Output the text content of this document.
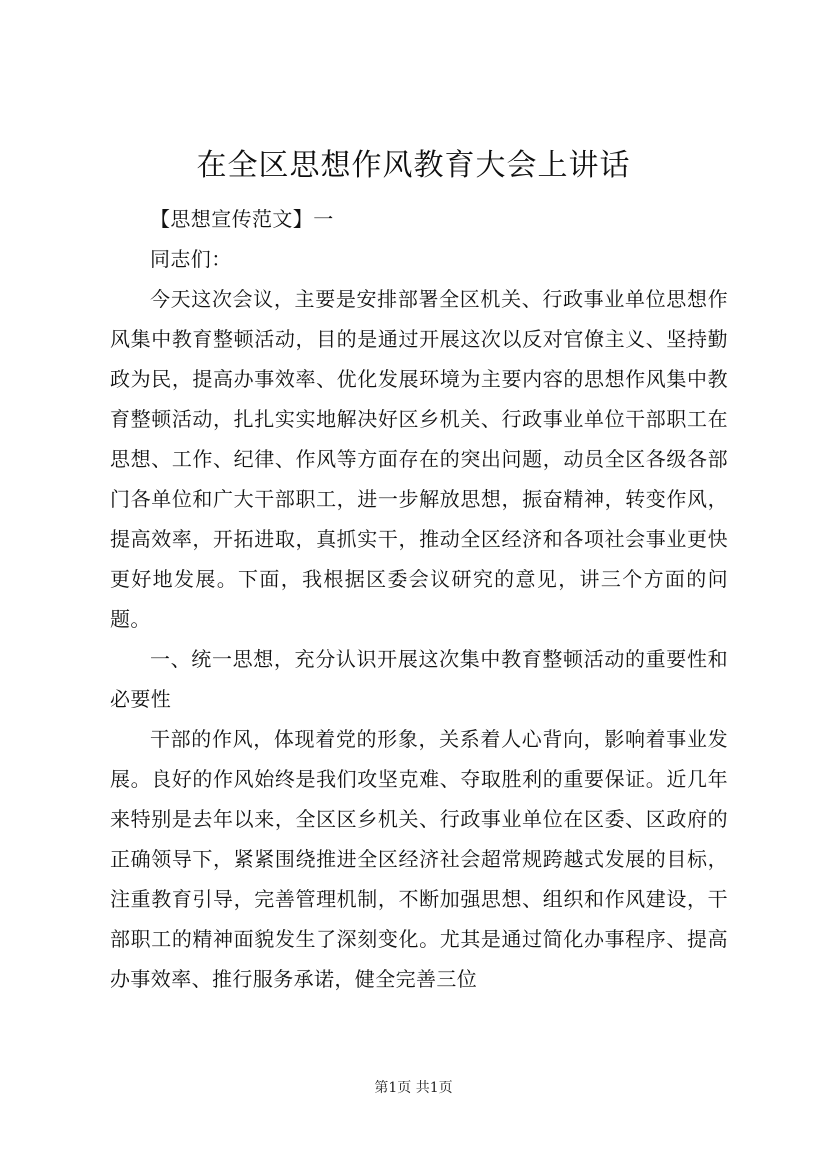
在全区思想作风教育大会上讲话

【思想宣传范文】一

同志们：

今天这次会议，主要是安排部署全区机关、行政事业单位思想作风集中教育整顿活动，目的是通过开展这次以反对官僚主义、坚持勤政为民，提高办事效率、优化发展环境为主要内容的思想作风集中教育整顿活动，扎扎实实地解决好区乡机关、行政事业单位干部职工在思想、工作、纪律、作风等方面存在的突出问题，动员全区各级各部门各单位和广大干部职工，进一步解放思想，振奋精神，转变作风，提高效率，开拓进取，真抓实干，推动全区经济和各项社会事业更快更好地发展。下面，我根据区委会议研究的意见，讲三个方面的问题。

一、统一思想，充分认识开展这次集中教育整顿活动的重要性和必要性

干部的作风，体现着党的形象，关系着人心背向，影响着事业发展。良好的作风始终是我们攻坚克难、夺取胜利的重要保证。近几年来特别是去年以来，全区区乡机关、行政事业单位在区委、区政府的正确领导下，紧紧围绕推进全区经济社会超常规跨越式发展的目标，注重教育引导，完善管理机制，不断加强思想、组织和作风建设，干部职工的精神面貌发生了深刻变化。尤其是通过简化办事程序、提高办事效率、推行服务承诺，健全完善三位

第1页 共1页
